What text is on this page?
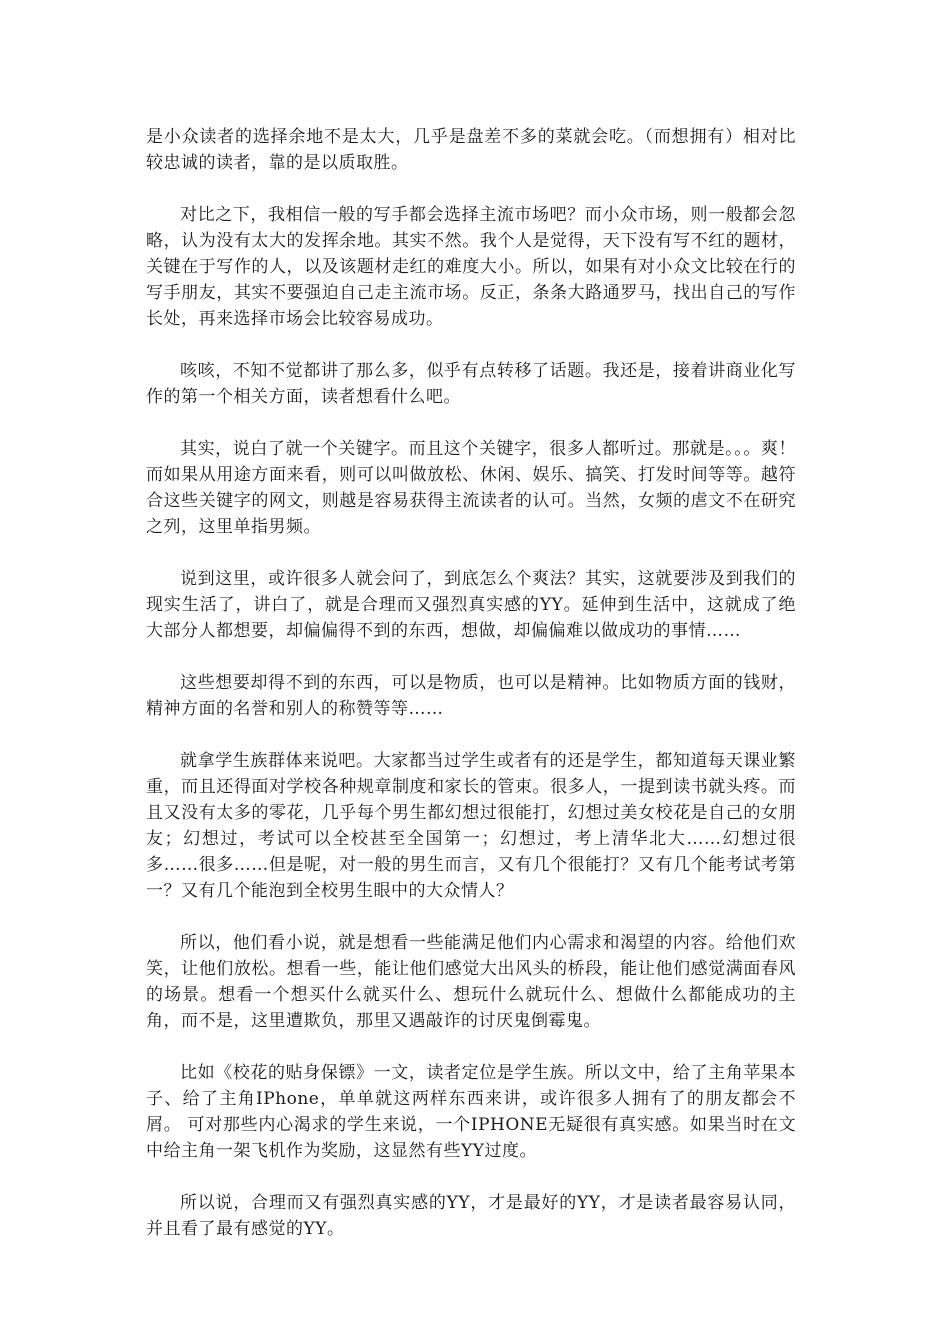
是小众读者的选择余地不是太大，几乎是盘差不多的菜就会吃。（而想拥有）相对比较忠诚的读者，靠的是以质取胜。

对比之下，我相信一般的写手都会选择主流市场吧？而小众市场，则一般都会忽略，认为没有太大的发挥余地。其实不然。我个人是觉得，天下没有写不红的题材，关键在于写作的人，以及该题材走红的难度大小。所以，如果有对小众文比较在行的写手朋友，其实不要强迫自己走主流市场。反正，条条大路通罗马，找出自己的写作长处，再来选择市场会比较容易成功。

咳咳，不知不觉都讲了那么多，似乎有点转移了话题。我还是，接着讲商业化写作的第一个相关方面，读者想看什么吧。

其实，说白了就一个关键字。而且这个关键字，很多人都听过。那就是。。。爽！而如果从用途方面来看，则可以叫做放松、休闲、娱乐、搞笑、打发时间等等。越符合这些关键字的网文，则越是容易获得主流读者的认可。当然，女频的虐文不在研究之列，这里单指男频。

说到这里，或许很多人就会问了，到底怎么个爽法？其实，这就要涉及到我们的现实生活了，讲白了，就是合理而又强烈真实感的YY。延伸到生活中，这就成了绝大部分人都想要，却偏偏得不到的东西，想做，却偏偏难以做成功的事情……

这些想要却得不到的东西，可以是物质，也可以是精神。比如物质方面的钱财，精神方面的名誉和别人的称赞等等……

就拿学生族群体来说吧。大家都当过学生或者有的还是学生，都知道每天课业繁重，而且还得面对学校各种规章制度和家长的管束。很多人，一提到读书就头疼。而且又没有太多的零花，几乎每个男生都幻想过很能打，幻想过美女校花是自己的女朋友；幻想过，考试可以全校甚至全国第一；幻想过，考上清华北大……幻想过很多……很多……但是呢，对一般的男生而言，又有几个很能打？又有几个能考试考第一？又有几个能泡到全校男生眼中的大众情人？

所以，他们看小说，就是想看一些能满足他们内心需求和渴望的内容。给他们欢笑，让他们放松。想看一些，能让他们感觉大出风头的桥段，能让他们感觉满面春风的场景。想看一个想买什么就买什么、想玩什么就玩什么、想做什么都能成功的主角，而不是，这里遭欺负，那里又遇敲诈的讨厌鬼倒霉鬼。

比如《校花的贴身保镖》一文，读者定位是学生族。所以文中，给了主角苹果本子、给了主角IPhone，单单就这两样东西来讲，或许很多人拥有了的朋友都会不屑。 可对那些内心渴求的学生来说，一个IPHONE无疑很有真实感。如果当时在文中给主角一架飞机作为奖励，这显然有些YY过度。

所以说，合理而又有强烈真实感的YY，才是最好的YY，才是读者最容易认同，并且看了最有感觉的YY。
